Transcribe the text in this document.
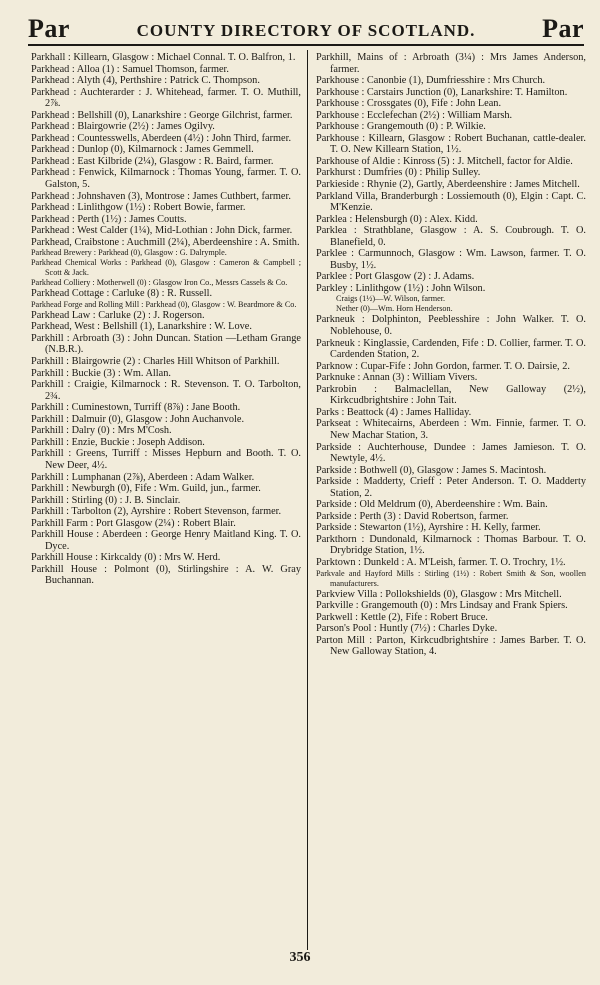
Par	COUNTY DIRECTORY OF SCOTLAND.	Par
Parkhall : Killearn, Glasgow : Michael Connal. T. O. Balfron, 1.
Parkhead : Alloa (1) : Samuel Thomson, farmer.
Parkhead : Alyth (4), Perthshire : Patrick C. Thompson.
Parkhead : Auchterarder : J. Whitehead, farmer. T. O. Muthill, 2⅞.
Parkhead : Bellshill (0), Lanarkshire : George Gilchrist, farmer.
Parkhead : Blairgowrie (2½) : James Ogilvy.
Parkhead : Countesswells, Aberdeen (4½) : John Third, farmer.
Parkhead : Dunlop (0), Kilmarnock : James Gemmell.
Parkhead : East Kilbride (2¼), Glasgow : R. Baird, farmer.
Parkhead : Fenwick, Kilmarnock : Thomas Young, farmer. T. O. Galston, 5.
Parkhead : Johnshaven (3), Montrose : James Cuthbert, farmer.
Parkhead : Linlithgow (1½) : Robert Bowie, farmer.
Parkhead : Perth (1½) : James Coutts.
Parkhead : West Calder (1¼), Mid-Lothian : John Dick, farmer.
Parkhead, Craibstone : Auchmill (2¼), Aberdeenshire : A. Smith.
Parkhead Brewery : Parkhead (0), Glasgow : G. Dalrymple.
Parkhead Chemical Works : Parkhead (0), Glasgow : Cameron & Campbell ; Scott & Jack.
Parkhead Colliery : Motherwell (0) : Glasgow Iron Co., Messrs Cassels & Co.
Parkhead Cottage : Carluke (8) : R. Russell.
Parkhead Forge and Rolling Mill : Parkhead (0), Glasgow : W. Beardmore & Co.
Parkhead Law : Carluke (2) : J. Rogerson.
Parkhead, West : Bellshill (1), Lanarkshire : W. Love.
Parkhill : Arbroath (3) : John Duncan. Station —Letham Grange (N.B.R.).
Parkhill : Blairgowrie (2) : Charles Hill Whitson of Parkhill.
Parkhill : Buckie (3) : Wm. Allan.
Parkhill : Craigie, Kilmarnock : R. Stevenson. T. O. Tarbolton, 2¾.
Parkhill : Cuminestown, Turriff (8⅞) : Jane Booth.
Parkhill : Dalmuir (0), Glasgow : John Auchanvole.
Parkhill : Dalry (0) : Mrs M'Cosh.
Parkhill : Enzie, Buckie : Joseph Addison.
Parkhill : Greens, Turriff : Misses Hepburn and Booth. T. O. New Deer, 4½.
Parkhill : Lumphanan (2⅞), Aberdeen : Adam Walker.
Parkhill : Newburgh (0), Fife : Wm. Guild, jun., farmer.
Parkhill : Stirling (0) : J. B. Sinclair.
Parkhill : Tarbolton (2), Ayrshire : Robert Stevenson, farmer.
Parkhill Farm : Port Glasgow (2¼) : Robert Blair.
Parkhill House : Aberdeen : George Henry Maitland King. T. O. Dyce.
Parkhill House : Kirkcaldy (0) : Mrs W. Herd.
Parkhill House : Polmont (0), Stirlingshire : A. W. Gray Buchannan.
Parkhill, Mains of : Arbroath (3¼) : Mrs James Anderson, farmer.
Parkhouse : Canonbie (1), Dumfriesshire : Mrs Church.
Parkhouse : Carstairs Junction (0), Lanarkshire: T. Hamilton.
Parkhouse : Crossgates (0), Fife : John Lean.
Parkhouse : Ecclefechan (2½) : William Marsh.
Parkhouse : Grangemouth (0) : P. Wilkie.
Parkhouse : Killearn, Glasgow : Robert Buchanan, cattle-dealer. T. O. New Killearn Station, 1½.
Parkhouse of Aldie : Kinross (5) : J. Mitchell, factor for Aldie.
Parkhurst : Dumfries (0) : Philip Sulley.
Parkieside : Rhynie (2), Gartly, Aberdeenshire : James Mitchell.
Parkland Villa, Branderburgh : Lossiemouth (0), Elgin : Capt. C. M'Kenzie.
Parklea : Helensburgh (0) : Alex. Kidd.
Parklea : Strathblane, Glasgow : A. S. Coubrough. T. O. Blanefield, 0.
Parklee : Carmunnoch, Glasgow : Wm. Lawson, farmer. T. O. Busby, 1½.
Parklee : Port Glasgow (2) : J. Adams.
Parkley : Linlithgow (1½) : John Wilson.
Craigs (1½)—W. Wilson, farmer.
Nether (0)—Wm. Horn Henderson.
Parkneuk : Dolphinton, Peeblesshire : John Walker. T. O. Noblehouse, 0.
Parkneuk : Kinglassie, Cardenden, Fife : D. Collier, farmer. T. O. Cardenden Station, 2.
Parknow : Cupar-Fife : John Gordon, farmer. T. O. Dairsie, 2.
Parknuke : Annan (3) : William Vivers.
Parkrobin : Balmaclellan, New Galloway (2½), Kirkcudbrightshire : John Tait.
Parks : Beattock (4) : James Halliday.
Parkseat : Whitecairns, Aberdeen : Wm. Finnie, farmer. T. O. New Machar Station, 3.
Parkside : Auchterhouse, Dundee : James Jamieson. T. O. Newtyle, 4½.
Parkside : Bothwell (0), Glasgow : James S. Macintosh.
Parkside : Madderty, Crieff : Peter Anderson. T. O. Madderty Station, 2.
Parkside : Old Meldrum (0), Aberdeenshire : Wm. Bain.
Parkside : Perth (3) : David Robertson, farmer.
Parkside : Stewarton (1½), Ayrshire : H. Kelly, farmer.
Parkthorn : Dundonald, Kilmarnock : Thomas Barbour. T. O. Drybridge Station, 1½.
Parktown : Dunkeld : A. M'Leish, farmer. T. O. Trochry, 1½.
Parkvale and Hayford Mills : Stirling (1½) : Robert Smith & Son, woollen manufacturers.
Parkview Villa : Pollokshields (0), Glasgow : Mrs Mitchell.
Parkville : Grangemouth (0) : Mrs Lindsay and Frank Spiers.
Parkwell : Kettle (2), Fife : Robert Bruce.
Parson's Pool : Huntly (7½) : Charles Dyke.
Parton Mill : Parton, Kirkcudbrightshire : James Barber. T. O. New Galloway Station, 4.
356
